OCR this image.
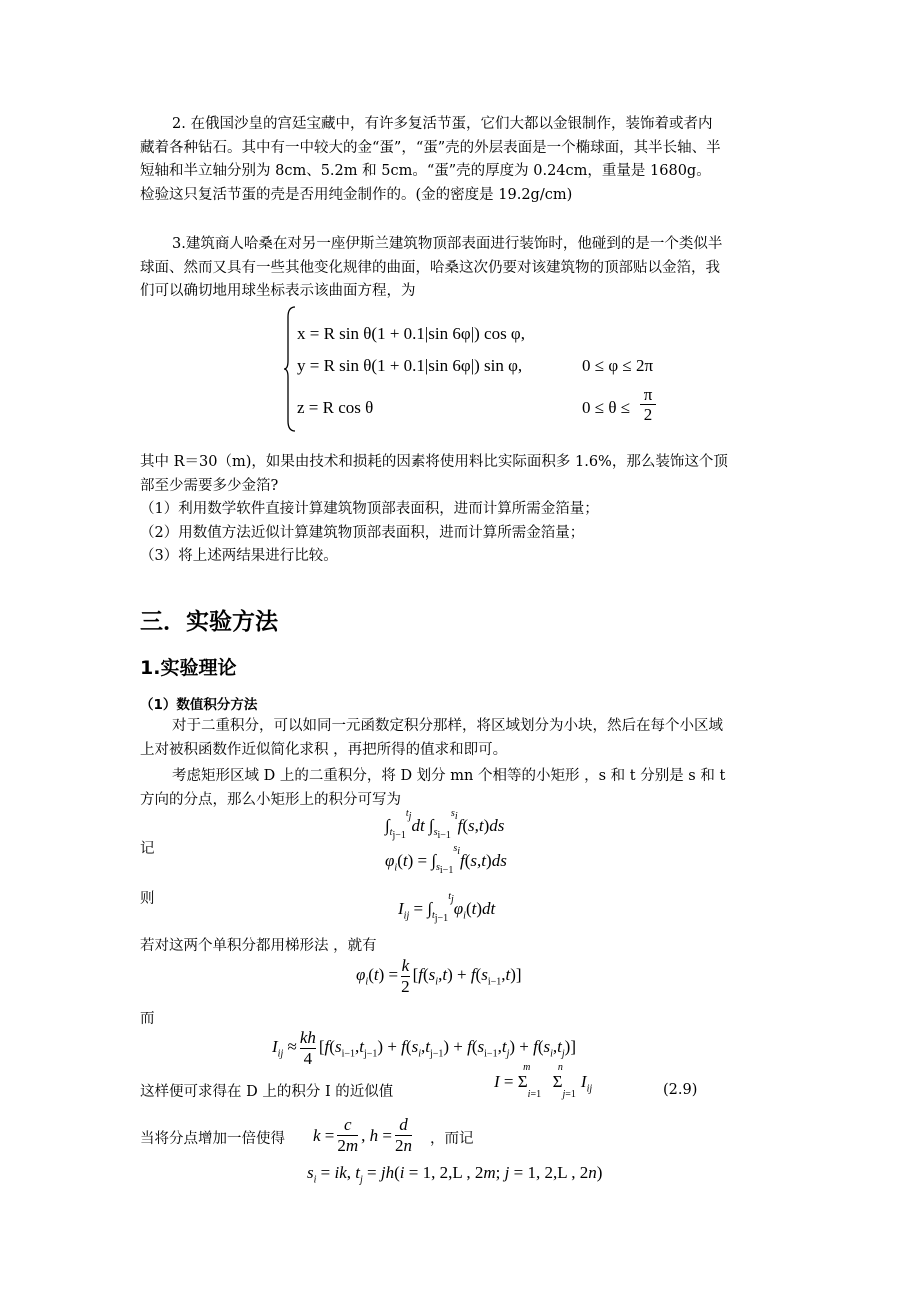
2. 在俄国沙皇的宫廷宝藏中，有许多复活节蛋，它们大都以金银制作，装饰着或者内
藏着各种钻石。其中有一中较大的金“蛋”，“蛋”壳的外层表面是一个椭球面，其半长轴、半
短轴和半立轴分别为 8cm、5.2m 和 5cm。“蛋”壳的厚度为 0.24cm，重量是 1680g。
检验这只复活节蛋的壳是否用纯金制作的。(金的密度是 19.2g/cm)
3.建筑商人哈桑在对另一座伊斯兰建筑物顶部表面进行装饰时，他碰到的是一个类似半
球面、然而又具有一些其他变化规律的曲面，哈桑这次仍要对该建筑物的顶部贴以金箔，我
们可以确切地用球坐标表示该曲面方程，为
x = R sin θ(1 + 0.1|sin 6φ|) cos φ,
y = R sin θ(1 + 0.1|sin 6φ|) sin φ,
z = R cos θ
0 ≤ φ ≤ 2π
$0 \le \theta \le \frac{\pi}{2}$
其中 R＝30（m)，如果由技术和损耗的因素将使用料比实际面积多 1.6%，那么装饰这个顶
部至少需要多少金箔?
（1）利用数学软件直接计算建筑物顶部表面积，进而计算所需金箔量；
（2）用数值方法近似计算建筑物顶部表面积，进而计算所需金箔量；
（3）将上述两结果进行比较。
三．实验方法
1.实验理论
（1）数值积分方法
对于二重积分，可以如同一元函数定积分那样，将区域划分为小块，然后在每个小区域
上对被积函数作近似简化求积 ，再把所得的值求和即可。
考虑矩形区域 D 上的二重积分，将 D 划分 mn 个相等的小矩形 ，s 和 t 分别是 s 和 t
方向的分点，那么小矩形上的积分可写为
$\int_{t_{j-1}}^{t_j}dt$ $\int_{s_{i-1}}^{s_i}f(s,t)ds$
记
$\varphi_i(t) = \int_{s_{i-1}}^{s_i}f(s,t)ds$
则	$I_{ij} = \int_{t_{j-1}}^{t_j}\varphi_i(t)dt$
若对这两个单积分都用梯形法 ，就有
$\varphi_i(t) = \frac{k}{2} [f(s_i,t) + f(s_{i-1},t)]$
而
$I_{ij} \approx \frac{kh}{4} [f(s_{i-1},t_{j-1}) + f(s_i,t_{j-1}) + f(s_{i-1},t_j) + f(s_i,t_j)]$
这样便可求得在 D 上的积分 I 的近似值
$I = \Sigma_{i=1}^m$ $\Sigma_{j=1}^nI_{ij}$	(2.9)
当将分点增加一倍使得 $k = \frac{c}{2m}$ , $h = \frac{d}{2n}$ ，而记
$s_i$ = ik, $t_j = jh(i = 1$, 2,L , 2m; j = 1, 2,L , 2n)
